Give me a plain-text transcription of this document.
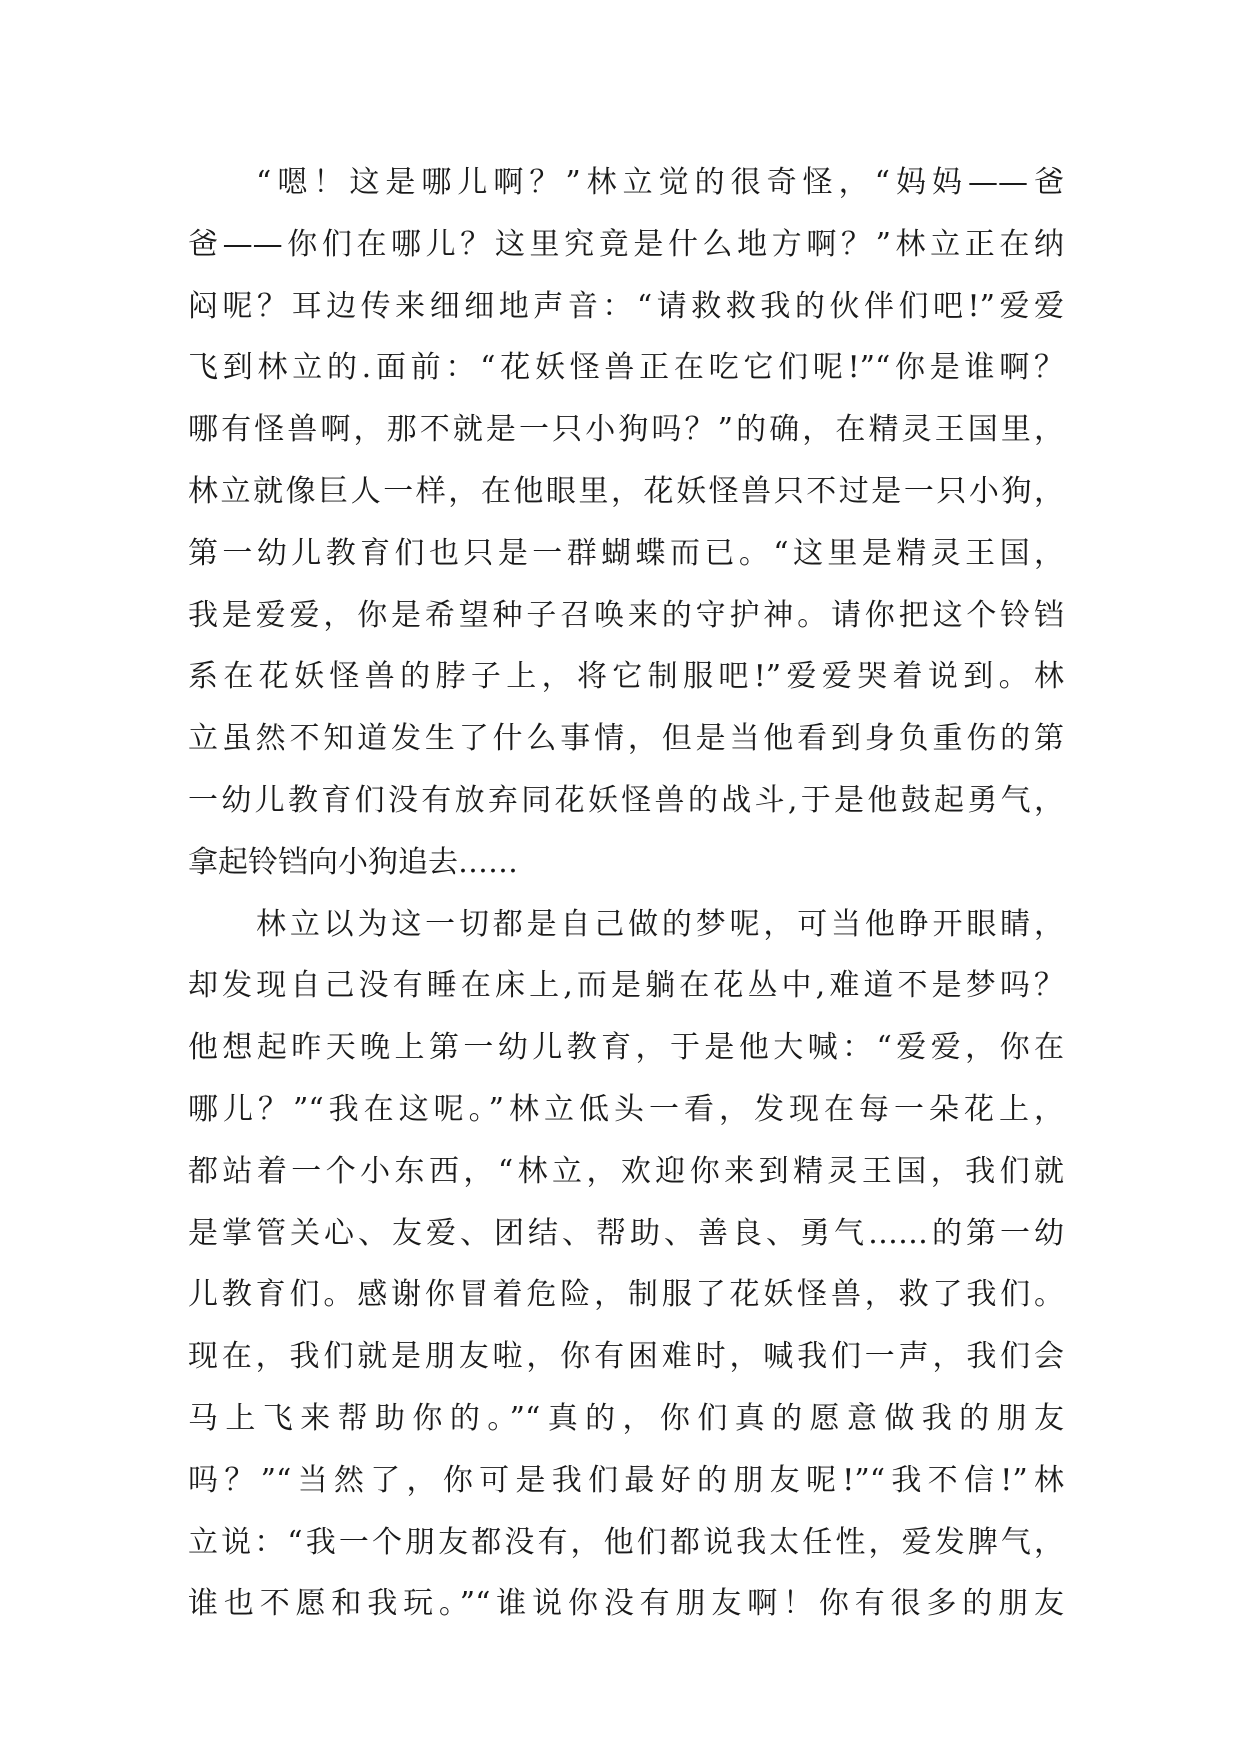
“嗯！这是哪儿啊？”林立觉的很奇怪，“妈妈——爸
爸——你们在哪儿？这里究竟是什么地方啊？”林立正在纳
闷呢？耳边传来细细地声音：“请救救我的伙伴们吧!”爱爱
飞到林立的.面前：“花妖怪兽正在吃它们呢!”“你是谁啊？
哪有怪兽啊，那不就是一只小狗吗？”的确，在精灵王国里，
林立就像巨人一样，在他眼里，花妖怪兽只不过是一只小狗，
第一幼儿教育们也只是一群蝴蝶而已。“这里是精灵王国，
我是爱爱，你是希望种子召唤来的守护神。请你把这个铃铛
系在花妖怪兽的脖子上，将它制服吧!”爱爱哭着说到。林
立虽然不知道发生了什么事情，但是当他看到身负重伤的第
一幼儿教育们没有放弃同花妖怪兽的战斗,于是他鼓起勇气，
拿起铃铛向小狗追去……
林立以为这一切都是自己做的梦呢，可当他睁开眼睛，
却发现自己没有睡在床上,而是躺在花丛中,难道不是梦吗？
他想起昨天晚上第一幼儿教育，于是他大喊：“爱爱，你在
哪儿？”“我在这呢。”林立低头一看，发现在每一朵花上，
都站着一个小东西，“林立，欢迎你来到精灵王国，我们就
是掌管关心、友爱、团结、帮助、善良、勇气……的第一幼
儿教育们。感谢你冒着危险，制服了花妖怪兽，救了我们。
现在，我们就是朋友啦，你有困难时，喊我们一声，我们会
马上飞来帮助你的。”“真的，你们真的愿意做我的朋友
吗？”“当然了，你可是我们最好的朋友呢!”“我不信!”林
立说：“我一个朋友都没有，他们都说我太任性，爱发脾气，
谁也不愿和我玩。”“谁说你没有朋友啊！你有很多的朋友
